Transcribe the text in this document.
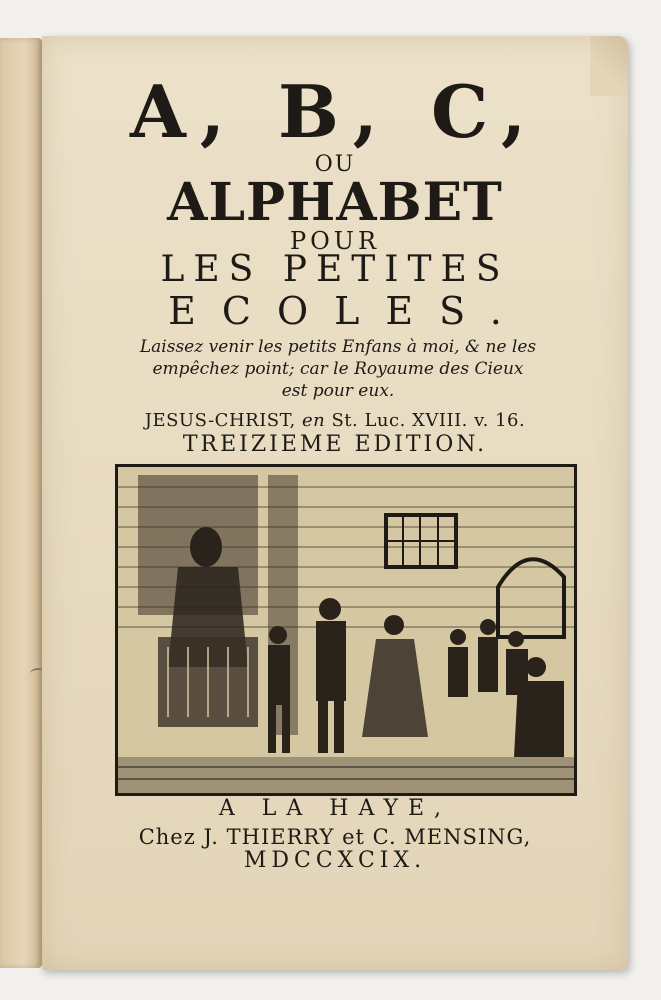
A, B, C,

OU

ALPHABET

POUR

LES PETITES

ECOLES.

Laissez venir les petits Enfans à moi, & ne les empêchez point; car le Royaume des Cieux est pour eux.

JESUS-CHRIST, en St. Luc. XVIII. v. 16.

TREIZIEME EDITION.

A LA HAYE,

Chez J. THIERRY et C. MENSING,

MDCCXCIX.
